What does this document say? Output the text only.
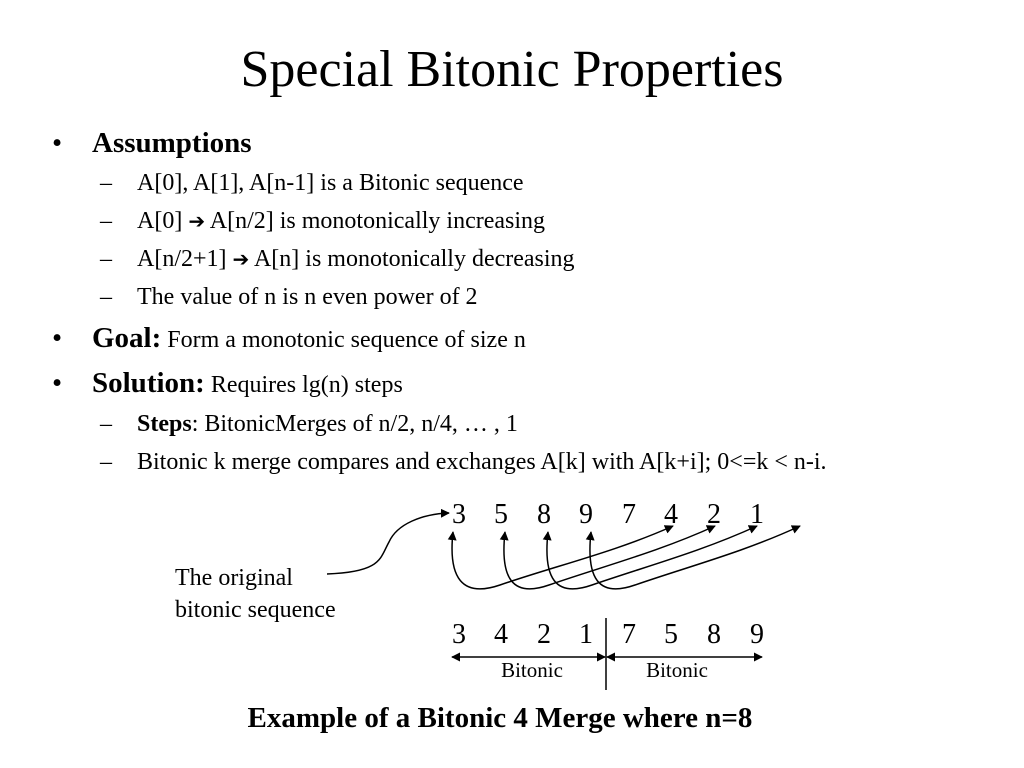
Special Bitonic Properties
• Assumptions
– A[0], A[1], A[n-1] is a Bitonic sequence
– A[0] ➔ A[n/2] is monotonically increasing
– A[n/2+1] ➔ A[n] is monotonically decreasing
– The value of n is n even power of 2
• Goal: Form a monotonic sequence of size n
• Solution: Requires lg(n) steps
– Steps: BitonicMerges of n/2, n/4, … , 1
– Bitonic k merge compares and exchanges A[k] with A[k+i]; 0<=k < n-i.
3 5 8 9 7 4 2 1
3 4 2 1 7 5 8 9
Bitonic	Bitonic
The original
bitonic sequence
Example of a Bitonic 4 Merge where n=8
